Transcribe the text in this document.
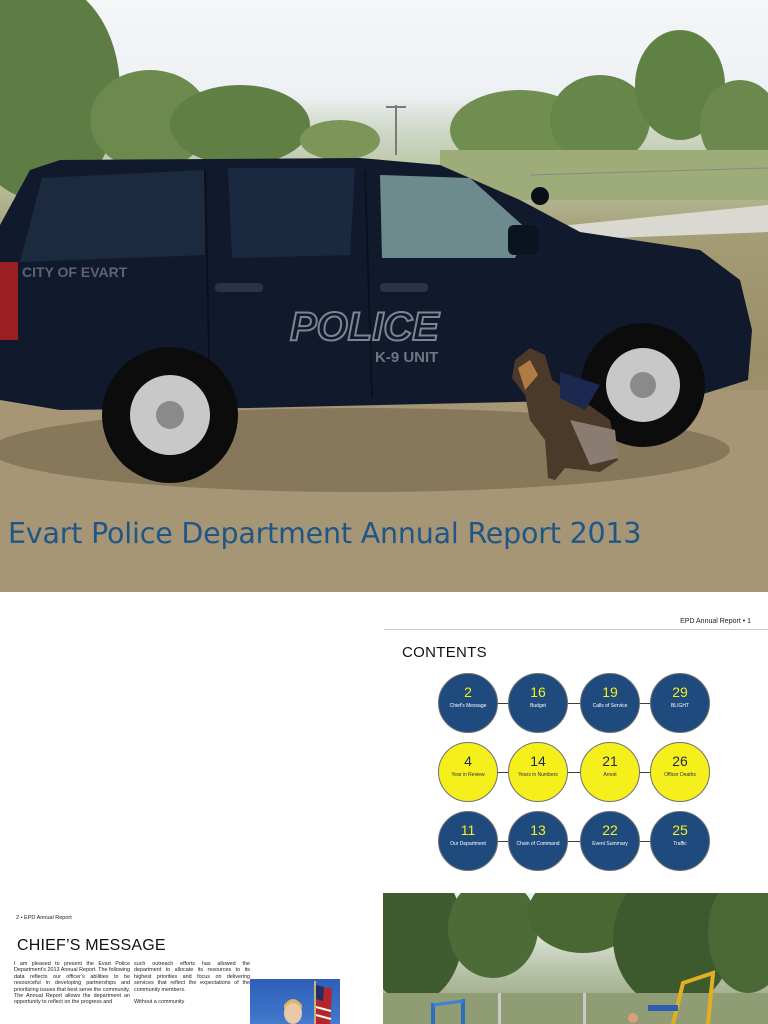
CITY OF EVART
POLICE
K-9 UNIT
Evart Police Department Annual Report 2013
EPD Annual Report • 1
CONTENTS
2
Chief's Message
16
Budget
19
Calls of Service
29
BLIGHT
4
Year in Review
14
Years in Numbers
21
Arrest
26
Officer Deaths
11
Our Department
13
Chain of Command
22
Event Summary
25
Traffic
2 • EPD Annual Report
CHIEF’S MESSAGE
I am pleased to present the Evart Police Department’s 2013 Annual Report. The following data reflects our officer’s abilities to be resourceful in developing partnerships and prioritizing issues that best serve the community. The Annual Report allows the department an opportunity to reflect on the progress and
such outreach efforts has allowed the department to allocate its resources to its highest priorities and focus on delivering services that reflect the expectations of the community members.

Without a community
